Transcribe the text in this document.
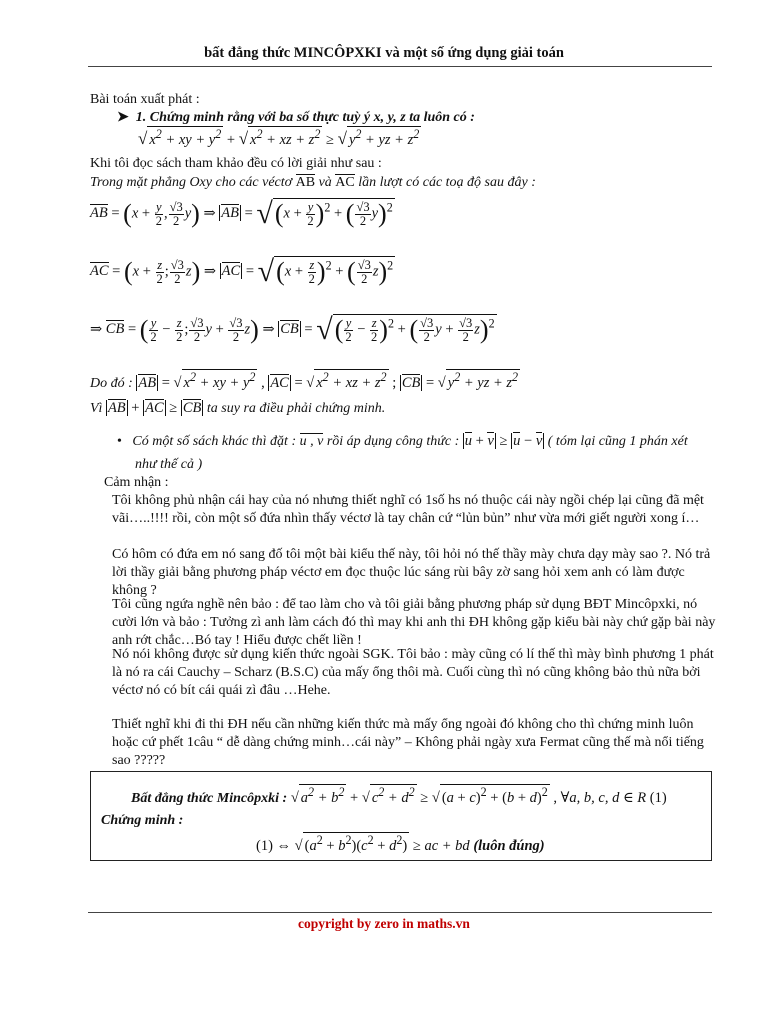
bất đẳng thức MINCÔPXKI và một số ứng dụng giải toán
Bài toán xuất phát :
➤ 1. Chứng minh rằng với ba số thực tuỳ ý x, y, z ta luôn có :
√ $x^2$ + xy + $y^2$ + √ $x^2$ + xz + $z^2$ ≥ √ $y^2$ + yz + $z^2$
Khi tôi đọc sách tham khảo đều có lời giải như sau :
Trong mặt phẳng Oxy cho các véctơ AB và AC lần lượt có các toạ độ sau đây :
AB = ($x + \frac{y}{2}$ , $\frac{√3}{2} y$) ⇒ AB = $√(x + \frac{y}{2} )^2$ + ( $\frac{√3}{2} y)^2$
AC = ($x + \frac{z}{2}$ ; $\frac{√3}{2} z$) ⇒ AC = $√(x + \frac{z}{2} )^2$ + ( $\frac{√3}{2} z)^2$
⇒ CB = ( $\frac{y}{2} - \frac{z}{2}$ ; $\frac{√3}{2}$ $y + \frac{√3}{2} z$) ⇒ CB = √( $\frac{y}{2} - \frac{z}{2} )^2$ + ( $\frac{√3}{2}$ $y + \frac{√3}{2} z)^2$
Do đó : AB = √ $x^2$ + xy + $y^2$ , AC = √ $x^2$ + xz + $z^2$ ; CB = √ $y^2$ + yz + $z^2$
Vì AB + AC ≥ CB ta suy ra điều phải chứng minh.
• Có một số sách khác thì đặt : u , v rồi áp dụng công thức : u + v ≥ u − v ( tóm lại cũng 1 phán xét
như thế cả )
Cảm nhận :
Tôi không phủ nhận cái hay của nó nhưng thiết nghĩ có 1số hs nó thuộc cái này ngồi chép lại cũng đã mệt vãi…..!!!! rồi, còn một số đứa nhìn thấy véctơ là tay chân cứ “lủn bủn” như vừa mới giết người xong í…
Có hôm có đứa em nó sang đố tôi một bài kiểu thế này, tôi hỏi nó thế thầy mày chưa dạy mày sao ?. Nó trả lời thầy giải bằng phương pháp véctơ em đọc thuộc lúc sáng rùi bây zờ sang hỏi xem anh có làm được không ?
Tôi cũng ngứa nghề nên bảo : để tao làm cho và tôi giải bằng phương pháp sử dụng BĐT Mincôpxki, nó cười lớn và bảo : Tưởng zì anh làm cách đó thì may khi anh thi ĐH không gặp kiểu bài này chứ gặp bài này anh rớt chắc…Bó tay ! Hiểu được chết liền !
Nó nói không được sử dụng kiến thức ngoài SGK. Tôi bảo : mày cũng có lí thế thì mày bình phương 1 phát là nó ra cái Cauchy – Scharz (B.S.C) của mấy ổng thôi mà. Cuối cùng thì nó cũng không bảo thủ nữa bởi véctơ nó có bít cái quái zì đâu …Hehe.
Thiết nghĩ khi đi thi ĐH nếu cần những kiến thức mà mấy ổng ngoài đó không cho thì chứng minh luôn hoặc cứ phết 1câu “ dễ dàng chứng minh…cái này” – Không phải ngày xưa Fermat cũng thế mà nổi tiếng sao ?????
Bất đẳng thức Mincôpxki : √ $a^2 + b^2$ + √ $c^2 + d^2$ ≥ √ $(a + c)^2 + (b + d)^2$ , ∀a, b, c, d ∈ R (1)
Chứng minh :
(1) ⇔ √ $(a^2 + b^2)(c^2 + d^2)$ ≥ ac + bd (luôn đúng)
copyright by zero in maths.vn
